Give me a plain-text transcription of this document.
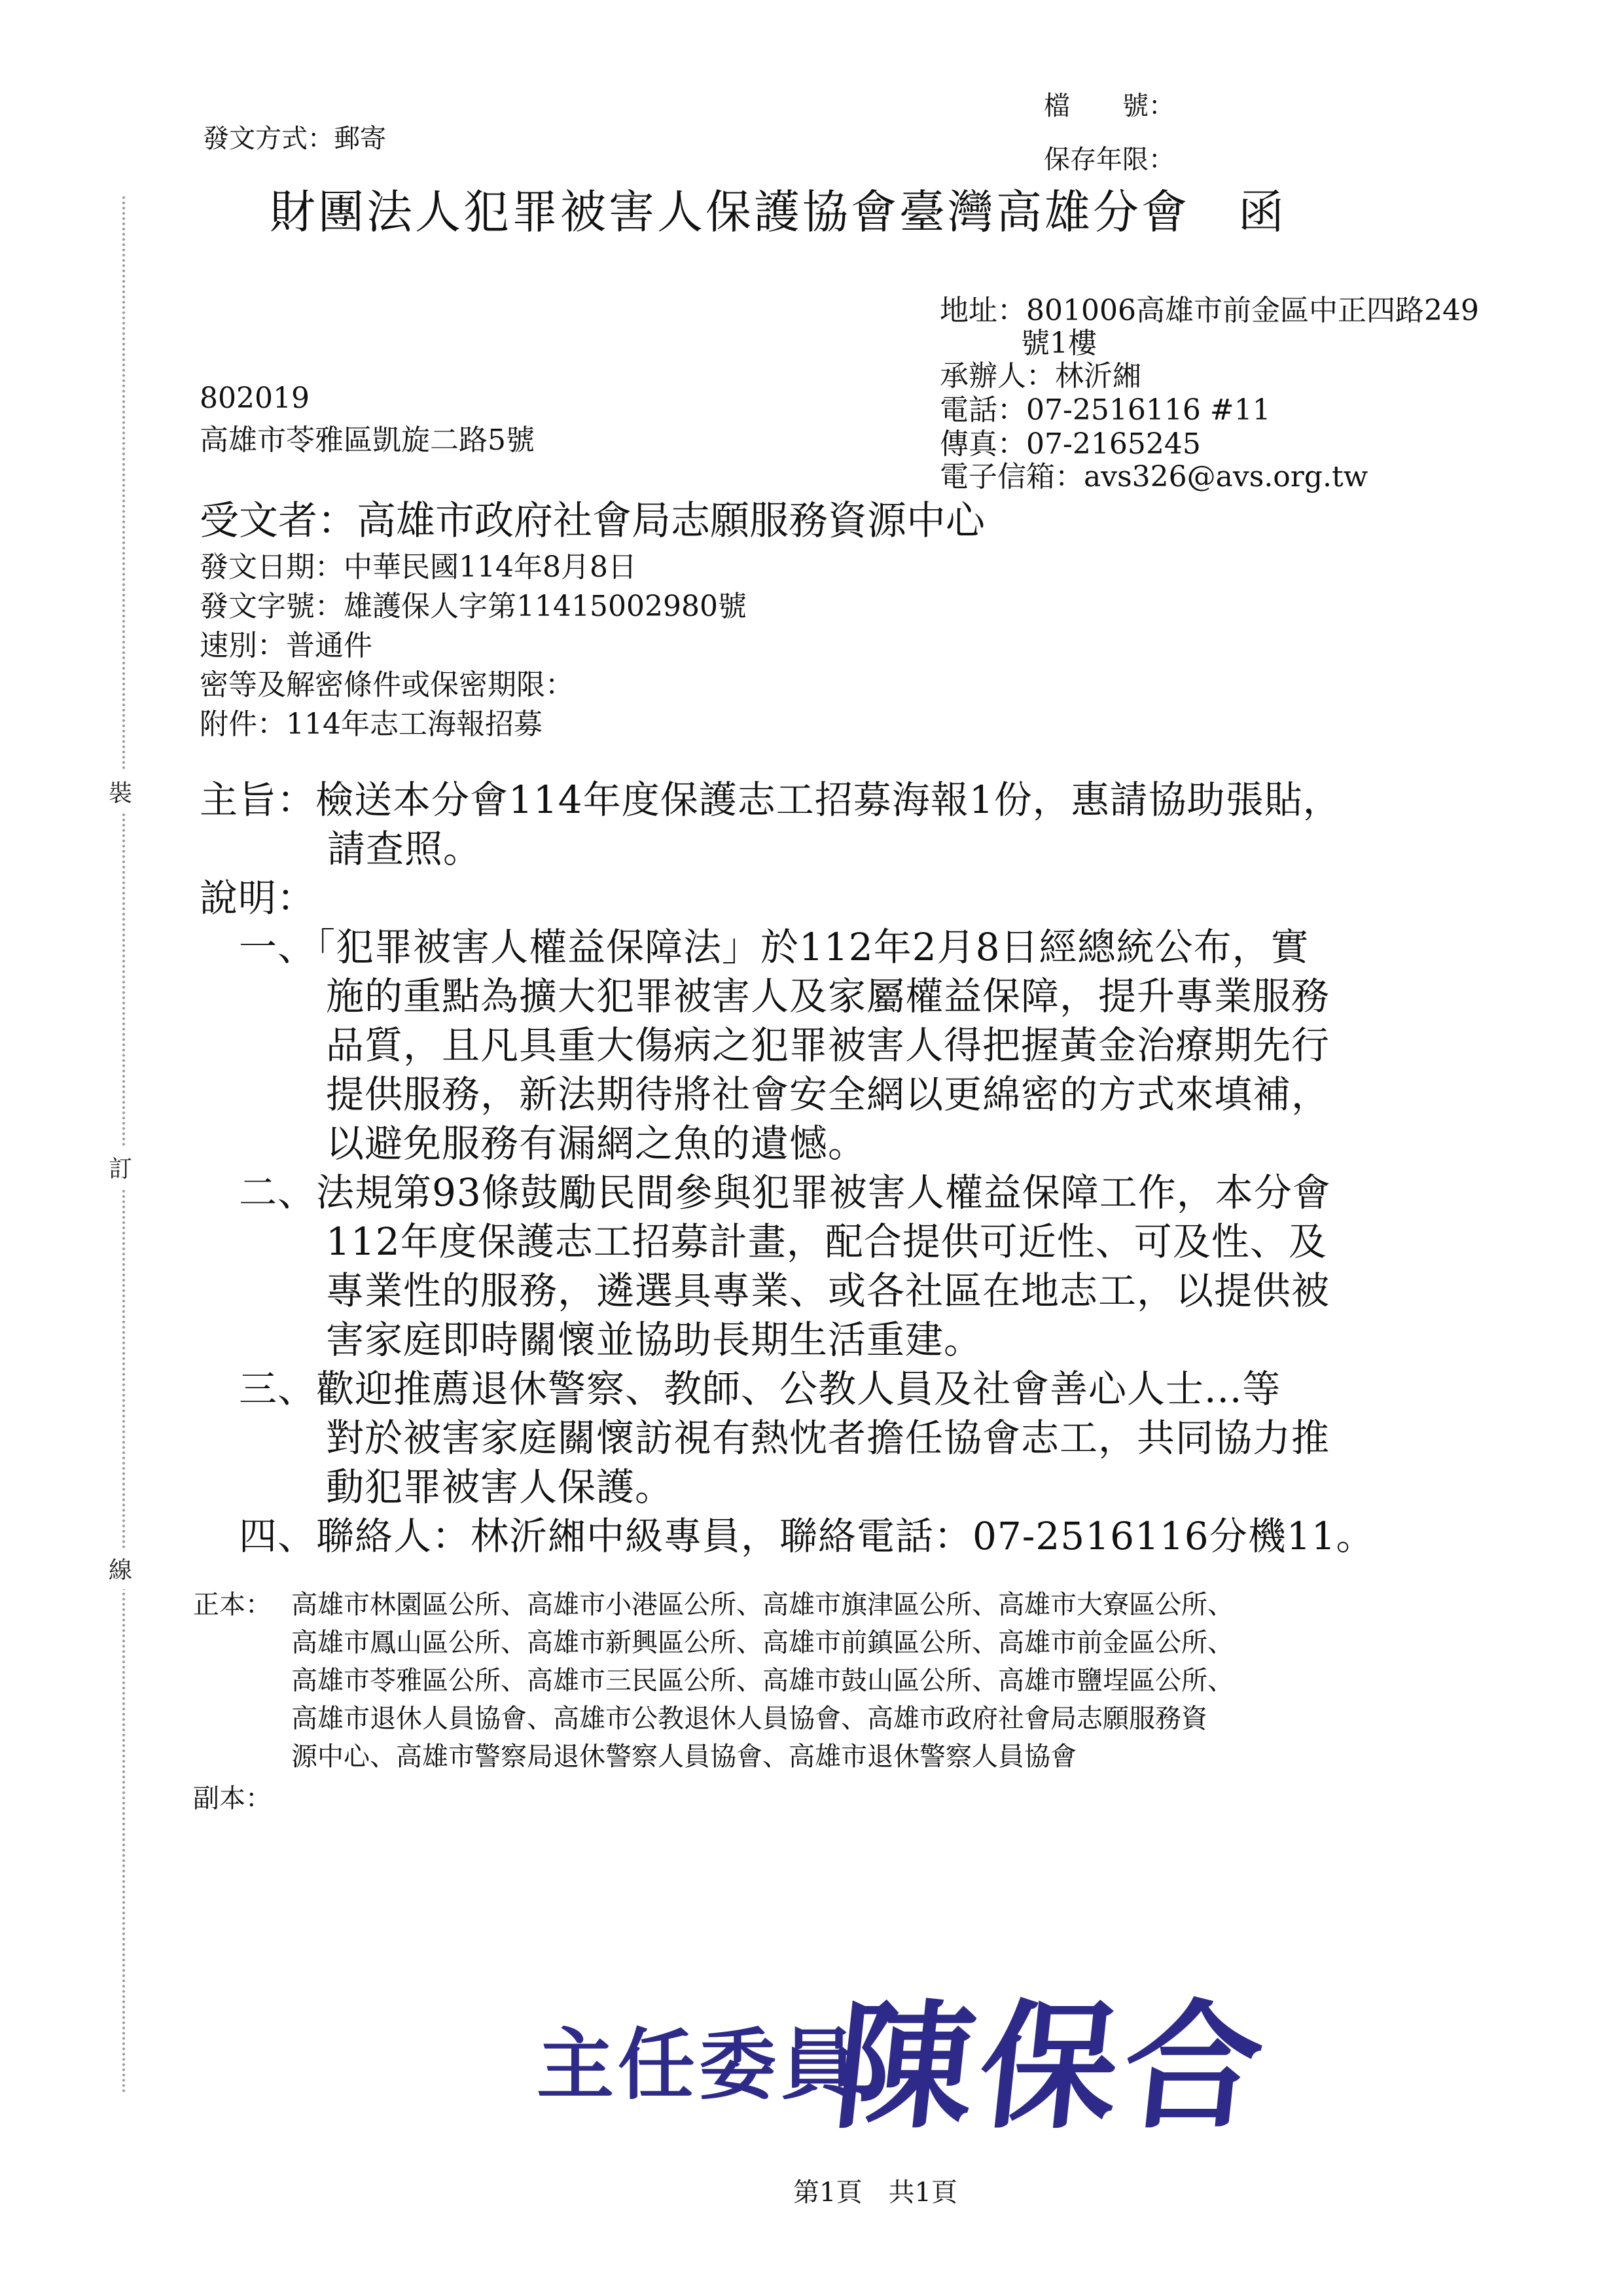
裝
訂
線
檔　　號：
發文方式：郵寄
保存年限：
財團法人犯罪被害人保護協會臺灣高雄分會　函
地址：801006高雄市前金區中正四路249
號1樓
承辦人：林沂緗
電話：07-2516116 #11
傳真：07-2165245
電子信箱：avs326@avs.org.tw
802019
高雄市苓雅區凱旋二路5號
受文者：高雄市政府社會局志願服務資源中心
發文日期：中華民國114年8月8日
發文字號：雄護保人字第11415002980號
速別：普通件
密等及解密條件或保密期限：
附件：114年志工海報招募
主旨：檢送本分會114年度保護志工招募海報1份，惠請協助張貼，
請查照。
說明：
一、「犯罪被害人權益保障法」於112年2月8日經總統公布，實
施的重點為擴大犯罪被害人及家屬權益保障，提升專業服務
品質，且凡具重大傷病之犯罪被害人得把握黃金治療期先行
提供服務，新法期待將社會安全網以更綿密的方式來填補，
以避免服務有漏網之魚的遺憾。
二、法規第93條鼓勵民間參與犯罪被害人權益保障工作，本分會
112年度保護志工招募計畫，配合提供可近性、可及性、及
專業性的服務，遴選具專業、或各社區在地志工，以提供被
害家庭即時關懷並協助長期生活重建。
三、歡迎推薦退休警察、教師、公教人員及社會善心人士...等
對於被害家庭關懷訪視有熱忱者擔任協會志工，共同協力推
動犯罪被害人保護。
四、聯絡人：林沂緗中級專員，聯絡電話：07-2516116分機11。
正本： 高雄市林園區公所、高雄市小港區公所、高雄市旗津區公所、高雄市大寮區公所、
高雄市鳳山區公所、高雄市新興區公所、高雄市前鎮區公所、高雄市前金區公所、
高雄市苓雅區公所、高雄市三民區公所、高雄市鼓山區公所、高雄市鹽埕區公所、
高雄市退休人員協會、高雄市公教退休人員協會、高雄市政府社會局志願服務資
源中心、高雄市警察局退休警察人員協會、高雄市退休警察人員協會
副本：
主任委員
陳保合
第1頁　共1頁
